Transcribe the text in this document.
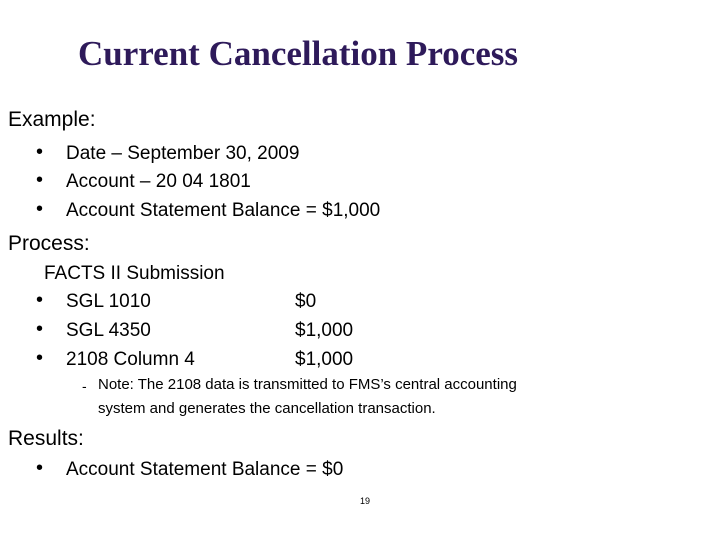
Current Cancellation Process
Example:
• Date – September 30, 2009
• Account – 20 04 1801
• Account Statement Balance = $1,000
Process:
FACTS II Submission
• SGL 1010	$0
• SGL 4350	$1,000
• 2108 Column 4	$1,000
- Note: The 2108 data is transmitted to FMS’s central accounting
system and generates the cancellation transaction.
Results:
• Account Statement Balance = $0
19
